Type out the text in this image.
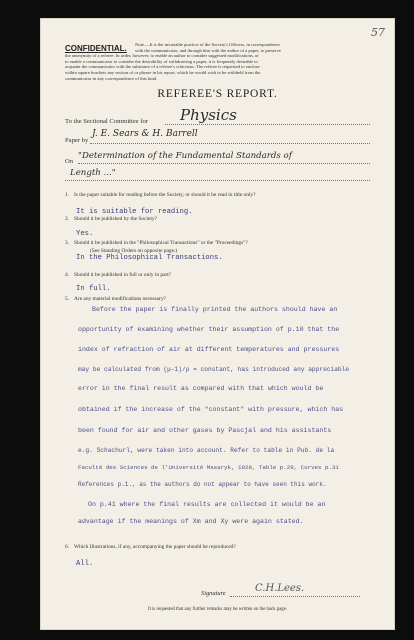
57
CONFIDENTIAL.	Note.—It is the invariable practice of the Society's Officers, in correspondence
with the communicator, and through him with the author of a paper, to preserve
the anonymity of a referee. In order, however, to enable an author to consider suggested modifications, or
to enable a communicator to consider the desirability of withdrawing a paper, it is frequently desirable to
acquaint the communicator with the substance of a referee's criticisms. The referee is requested to enclose
within square brackets any section of or phrase in his report, which he would wish to be withheld from the
communicator in any correspondence of this kind.
REFEREE'S REPORT.
To the Sectional Committee for Physics
Paper by
J. E. Sears & H. Barrell
On
"Determination of the Fundamental Standards of
Length ..."
1. Is the paper suitable for reading before the Society, or should it be read in title only?
It is suitable for reading.
2. Should it be published by the Society?
Yes.
3. Should it be published in the "Philosophical Transactions" or the "Proceedings"?
(See Standing Orders on opposite page.)
In the Philosophical Transactions.
4. Should it be published in full or only in part?
In full.
5. Are any material modifications necessary?
Before the paper is finally printed the authors should have an
opportunity of examining whether their assumption of p.10 that the
index of refraction of air at different temperatures and pressures
may be calculated from (μ-1)/ρ = constant, has introduced any appreciable
error in the final result as compared with that which would be
obtained if the increase of the "constant" with pressure, which has
been found for air and other gases by Pascjal and his assistants
e.g. Schachurl, were taken into account. Refer to table in Pub. de la
Faculté des Sciences de l'Université Masaryk, 1928, Table p.29, Curves p.31
References p.1., as the authors do not appear to have seen this work.
On p.41 where the final results are collected it would be an
advantage if the meanings of Xm and Xy were again stated.
6. Which Illustrations, if any, accompanying the paper should be reproduced?
All.
Signature	C.H.Lees.
It is requested that any further remarks may be written on the back page.
